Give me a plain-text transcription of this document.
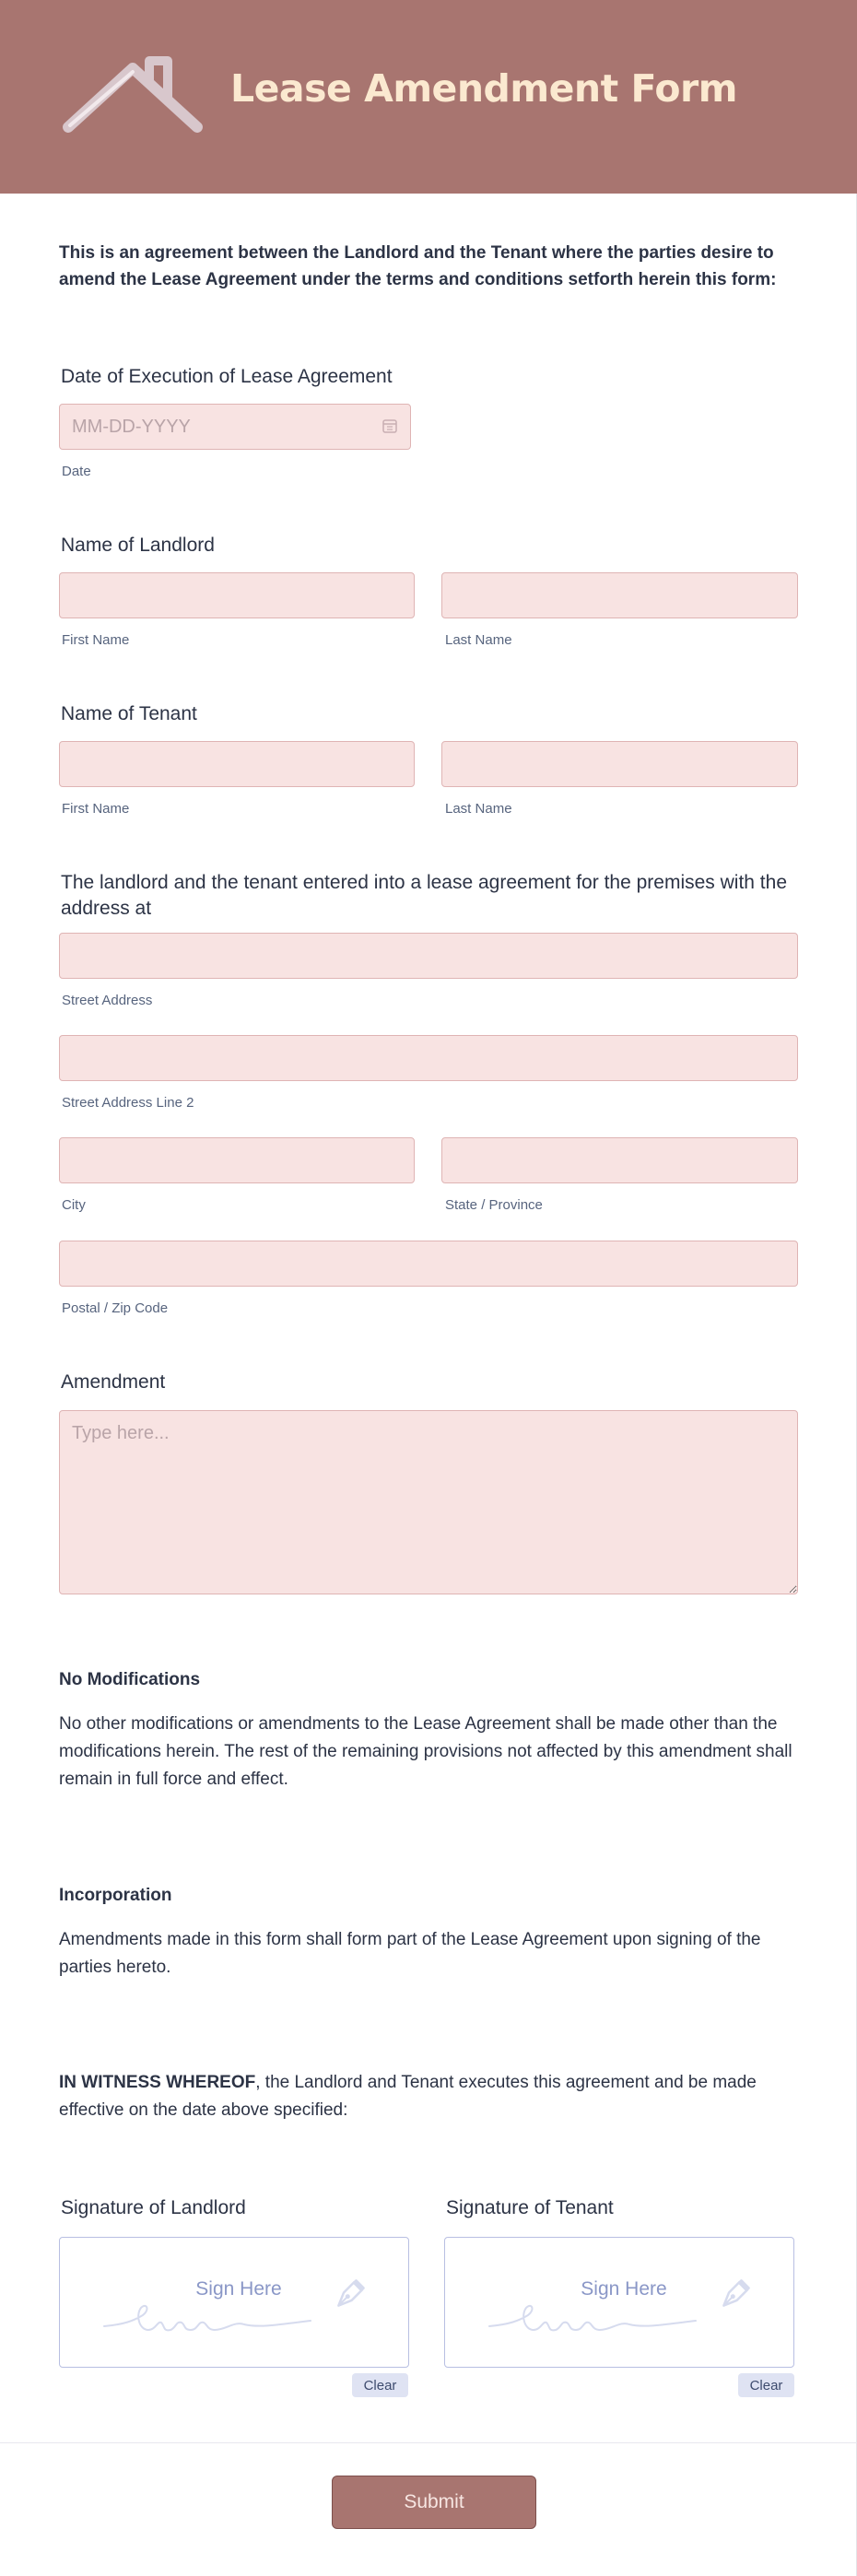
Lease Amendment Form
This is an agreement between the Landlord and the Tenant where the parties desire to amend the Lease Agreement under the terms and conditions setforth herein this form:
Date of Execution of Lease Agreement
MM-DD-YYYY
Date
Name of Landlord
First Name	Last Name
Name of Tenant
First Name	Last Name
The landlord and the tenant entered into a lease agreement for the premises with the address at
Street Address
Street Address Line 2
City	State / Province
Postal / Zip Code
Amendment
Type here...
No Modifications
No other modifications or amendments to the Lease Agreement shall be made other than the modifications herein. The rest of the remaining provisions not affected by this amendment shall remain in full force and effect.
Incorporation
Amendments made in this form shall form part of the Lease Agreement upon signing of the parties hereto.
IN WITNESS WHEREOF, the Landlord and Tenant executes this agreement and be made effective on the date above specified:
Signature of Landlord	Signature of Tenant
Sign Here
Clear
Sign Here
Clear
Submit
